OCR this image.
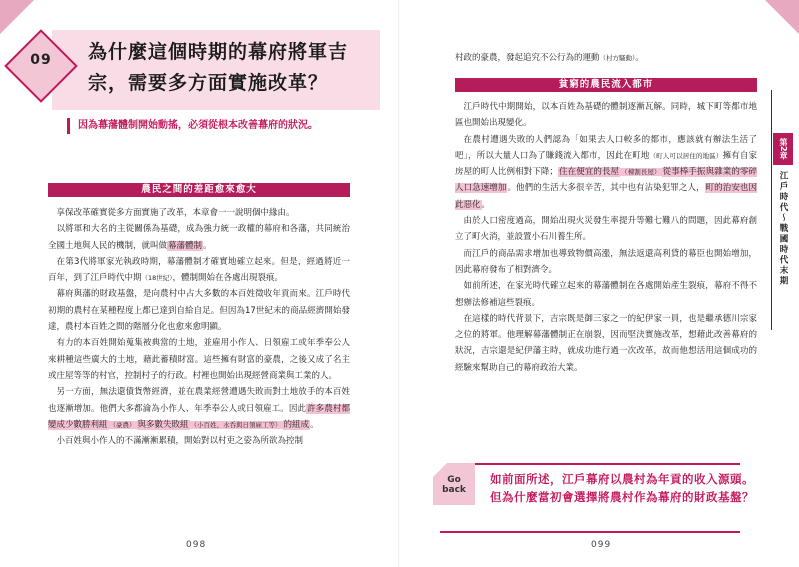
09	為什麼這個時期的幕府將軍吉宗，需要多方面實施改革？
因為幕藩體制開始動搖，必須從根本改善幕府的狀況。
農民之間的差距愈來愈大

享保改革確實從多方面實施了改革，本章會一一說明個中緣由。

以將軍和大名的主從關係為基礎，成為強力統一政權的幕府和各藩，共同統治全國土地與人民的機制，就叫做幕藩體制。

在第3代將軍家光執政時期，幕藩體制才確實地確立起來。但是，經過將近一百年，到了江戶時代中期（18世紀），體制開始在各處出現裂痕。

幕府與藩的財政基盤，是向農村中占大多數的本百姓徵收年貢而來。江戶時代初期的農村在某種程度上都已達到自給自足。但因為17世紀末的商品經濟開始發達，農村本百姓之間的階層分化也愈來愈明顯。

有力的本百姓開始蒐集被典當的土地，並雇用小作人、日領雇工或年季奉公人來耕種這些廣大的土地，藉此蓄積財富。這些擁有財富的豪農，之後又成了名主或庄屋等等的村官，控制村子的行政。村裡也開始出現經營商業與工業的人。

另一方面，無法還債貨幣經濟，並在農業經營遭遇失敗而對土地放手的本百姓也逐漸增加。他們大多都淪為小作人、年季奉公人或日領雇工。因此許多農村都變成少數勝利組 （豪農） 與多數失敗組 （小百姓、水呑與日領雇工等） 的組成。

小百姓與小作人的不滿漸漸累積，開始對以村吏之姿為所欲為控制

098

村政的豪農，發起追究不公行為的運動（村方騷動）。

貧窮的農民流入都市

江戶時代中期開始，以本百姓為基礎的體制逐漸瓦解。同時，城下町等都市地區也開始出現變化。

在農村遭遇失敗的人們認為「如果去人口較多的都市，應該就有辦法生活了吧」，所以大量人口為了賺錢流入都市，因此在町地（町人可以居住的地區）擁有自家房屋的町人比例相對下降；住在便宜的長屋 （棟割長屋） 從事棒手振與雜業的零碎人口急速增加。他們的生活大多很辛苦，其中也有沾染犯罪之人，町的治安也因此惡化。

由於人口密度過高，開始出現火災發生率提升等難七難八的問題，因此幕府創立了町火消，並設置小石川養生所。

而江戶的商品需求增加也導致物價高漲，無法返還高利貸的幕臣也開始增加，因此幕府發布了相對濟令。

如前所述，在家光時代確立起來的幕藩體制在各處開始產生裂痕，幕府不得不想辦法修補這些裂痕。

在這樣的時代背景下，吉宗既是御三家之一的紀伊家一員，也是繼承德川宗家之位的將軍。他理解幕藩體制正在崩裂，因而堅決實施改革，想藉此改善幕府的狀況，吉宗還是紀伊藩主時，就成功進行過一次改革，故而他想活用這個成功的經驗來幫助自己的幕府政治大業。

Go back
如前面所述，江戶幕府以農村為年貢的收入源頭。但為什麼當初會選擇將農村作為幕府的財政基盤？
第2章
江戶時代～戰國時代末期
099
